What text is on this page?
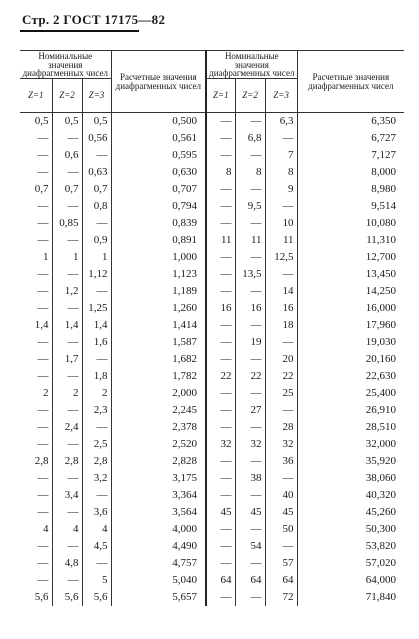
Стр. 2 ГОСТ 17175—82
Номинальные значения диафрагменных чисел			Расчетные значения диафрагменных чисел	Номинальные значения диафрагменных чисел			Расчетные значения диафрагменных чисел
Z=1	Z=2	Z=3		Z=1	Z=2	Z=3	
0,5	0,5	0,5	0,500	—	—	6,3	6,350
—	—	0,56	0,561	—	6,8	—	6,727
—	0,6	—	0,595	—	—	7	7,127
—	—	0,63	0,630	8	8	8	8,000
0,7	0,7	0,7	0,707	—	—	9	8,980
—	—	0,8	0,794	—	9,5	—	9,514
—	0,85	—	0,839	—	—	10	10,080
—	—	0,9	0,891	11	11	11	11,310
1	1	1	1,000	—	—	12,5	12,700
—	—	1,12	1,123	—	13,5	—	13,450
—	1,2	—	1,189	—	—	14	14,250
—	—	1,25	1,260	16	16	16	16,000
1,4	1,4	1,4	1,414	—	—	18	17,960
—	—	1,6	1,587	—	19	—	19,030
—	1,7	—	1,682	—	—	20	20,160
—	—	1,8	1,782	22	22	22	22,630
2	2	2	2,000	—	—	25	25,400
—	—	2,3	2,245	—	27	—	26,910
—	2,4	—	2,378	—	—	28	28,510
—	—	2,5	2,520	32	32	32	32,000
2,8	2,8	2,8	2,828	—	—	36	35,920
—	—	3,2	3,175	—	38	—	38,060
—	3,4	—	3,364	—	—	40	40,320
—	—	3,6	3,564	45	45	45	45,260
4	4	4	4,000	—	—	50	50,300
—	—	4,5	4,490	—	54	—	53,820
—	4,8	—	4,757	—	—	57	57,020
—	—	5	5,040	64	64	64	64,000
5,6	5,6	5,6	5,657	—	—	72	71,840
